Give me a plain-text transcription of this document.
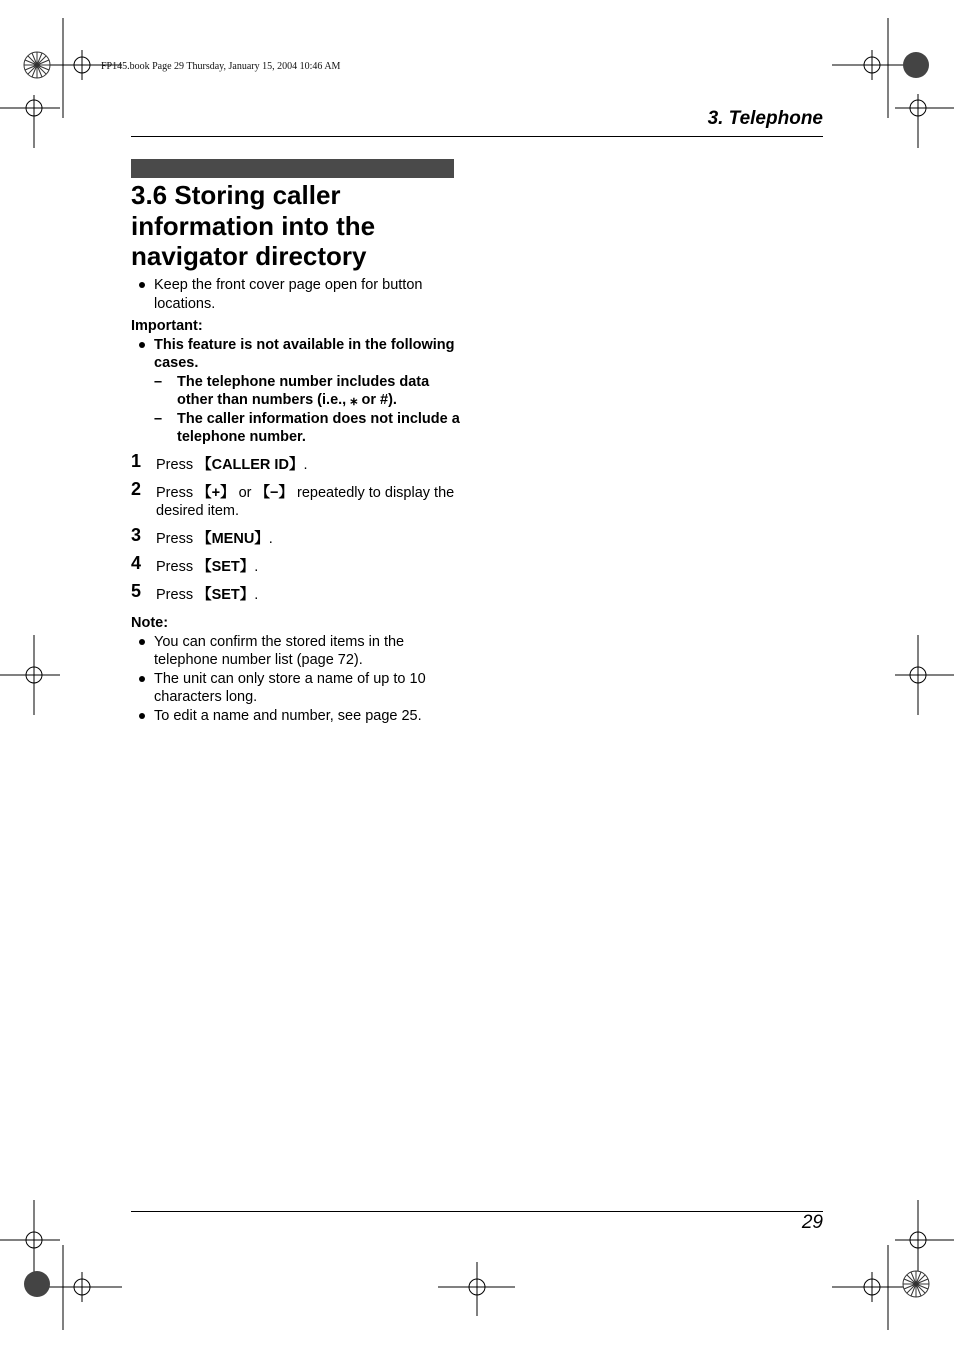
FP145.book Page 29 Thursday, January 15, 2004 10:46 AM
3. Telephone
3.6 Storing caller
information into the
navigator directory
Keep the front cover page open for button locations.
Important:
This feature is not available in the following cases.
– The telephone number includes data other than numbers (i.e., ⁎ or #).
– The caller information does not include a telephone number.
1 Press 【CALLER ID】.
2 Press 【+】 or 【−】 repeatedly to display the desired item.
3 Press 【MENU】.
4 Press 【SET】.
5 Press 【SET】.
Note:
You can confirm the stored items in the telephone number list (page 72).
The unit can only store a name of up to 10 characters long.
To edit a name and number, see page 25.
29
